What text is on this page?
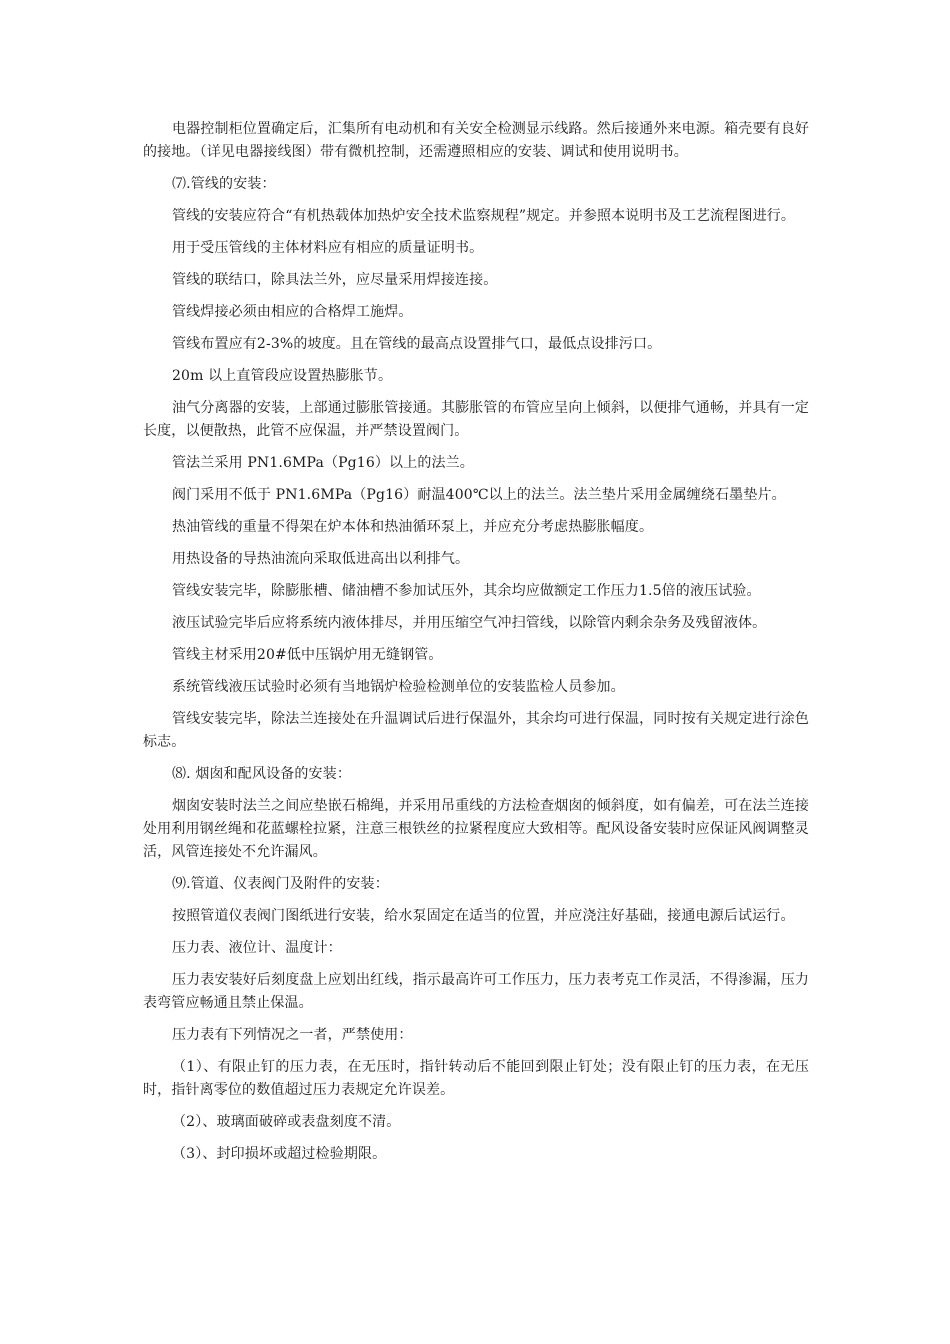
电器控制柜位置确定后，汇集所有电动机和有关安全检测显示线路。然后接通外来电源。箱壳要有良好的接地。（详见电器接线图）带有微机控制，还需遵照相应的安装、调试和使用说明书。

⑺.管线的安装：

管线的安装应符合“有机热载体加热炉安全技术监察规程”规定。并参照本说明书及工艺流程图进行。

用于受压管线的主体材料应有相应的质量证明书。

管线的联结口，除具法兰外，应尽量采用焊接连接。

管线焊接必须由相应的合格焊工施焊。

管线布置应有2-3%的坡度。且在管线的最高点设置排气口，最低点设排污口。

20m 以上直管段应设置热膨胀节。

油气分离器的安装，上部通过膨胀管接通。其膨胀管的布管应呈向上倾斜，以便排气通畅，并具有一定长度，以便散热，此管不应保温，并严禁设置阀门。

管法兰采用 PN1.6MPa（Pg16）以上的法兰。

阀门采用不低于 PN1.6MPa（Pg16）耐温400℃以上的法兰。法兰垫片采用金属缠绕石墨垫片。

热油管线的重量不得架在炉本体和热油循环泵上，并应充分考虑热膨胀幅度。

用热设备的导热油流向采取低进高出以利排气。

管线安装完毕，除膨胀槽、储油槽不参加试压外，其余均应做额定工作压力1.5倍的液压试验。

液压试验完毕后应将系统内液体排尽，并用压缩空气冲扫管线，以除管内剩余杂务及残留液体。

管线主材采用20#低中压锅炉用无缝钢管。

系统管线液压试验时必须有当地锅炉检验检测单位的安装监检人员参加。

管线安装完毕，除法兰连接处在升温调试后进行保温外，其余均可进行保温，同时按有关规定进行涂色标志。

⑻. 烟囱和配风设备的安装：

烟囱安装时法兰之间应垫嵌石棉绳，并采用吊重线的方法检查烟囱的倾斜度，如有偏差，可在法兰连接处用利用钢丝绳和花蓝螺栓拉紧，注意三根铁丝的拉紧程度应大致相等。配风设备安装时应保证风阀调整灵活，风管连接处不允许漏风。

⑼.管道、仪表阀门及附件的安装：

按照管道仪表阀门图纸进行安装，给水泵固定在适当的位置，并应浇注好基础，接通电源后试运行。

压力表、液位计、温度计：

压力表安装好后刻度盘上应划出红线，指示最高许可工作压力，压力表考克工作灵活，不得渗漏，压力表弯管应畅通且禁止保温。

压力表有下列情况之一者，严禁使用：

（1）、有限止钉的压力表，在无压时，指针转动后不能回到限止钉处；没有限止钉的压力表，在无压时，指针离零位的数值超过压力表规定允许误差。

（2）、玻璃面破碎或表盘刻度不清。

（3）、封印损坏或超过检验期限。
